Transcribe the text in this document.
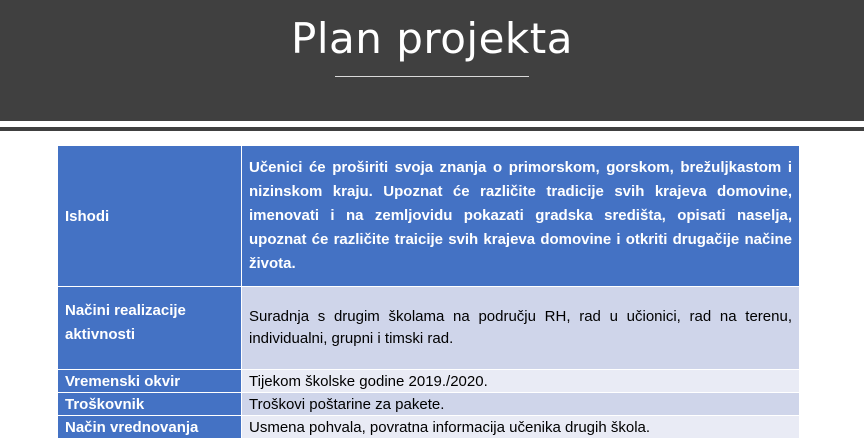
Plan projekta
Ishodi	Učenici će proširiti svoja znanja o primorskom, gorskom, brežuljkastom i nizinskom kraju. Upoznat će različite tradicije svih krajeva domovine, imenovati i na zemljovidu pokazati gradska središta, opisati naselja, upoznat će različite traicije svih krajeva domovine i otkriti drugačije načine života.
Načini realizacije aktivnosti	Suradnja s drugim školama na području RH, rad u učionici, rad na terenu, individualni, grupni i timski rad.
Vremenski okvir	Tijekom školske godine 2019./2020.
Troškovnik	Troškovi poštarine za pakete.
Način vrednovanja	Usmena pohvala, povratna informacija učenika drugih škola.
